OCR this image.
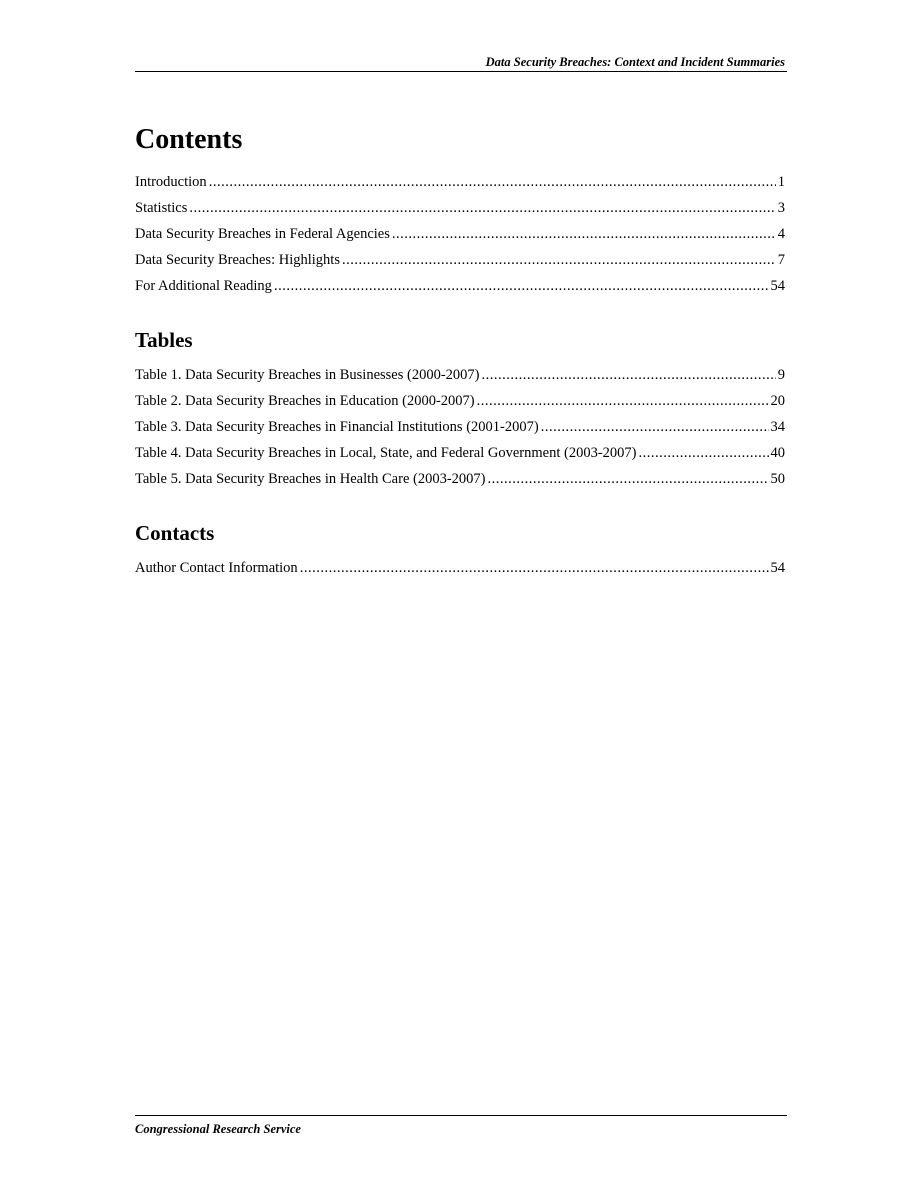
Data Security Breaches: Context and Incident Summaries
Contents
Introduction .....	1
Statistics .....	3
Data Security Breaches in Federal Agencies .....	4
Data Security Breaches: Highlights .....	7
For Additional Reading .....	54
Tables
Table 1. Data Security Breaches in Businesses (2000-2007) .....	9
Table 2. Data Security Breaches in Education (2000-2007) .....	20
Table 3. Data Security Breaches in Financial Institutions (2001-2007) .....	34
Table 4. Data Security Breaches in Local, State, and Federal Government (2003-2007) .....	40
Table 5. Data Security Breaches in Health Care (2003-2007) .....	50
Contacts
Author Contact Information .....	54
Congressional Research Service
